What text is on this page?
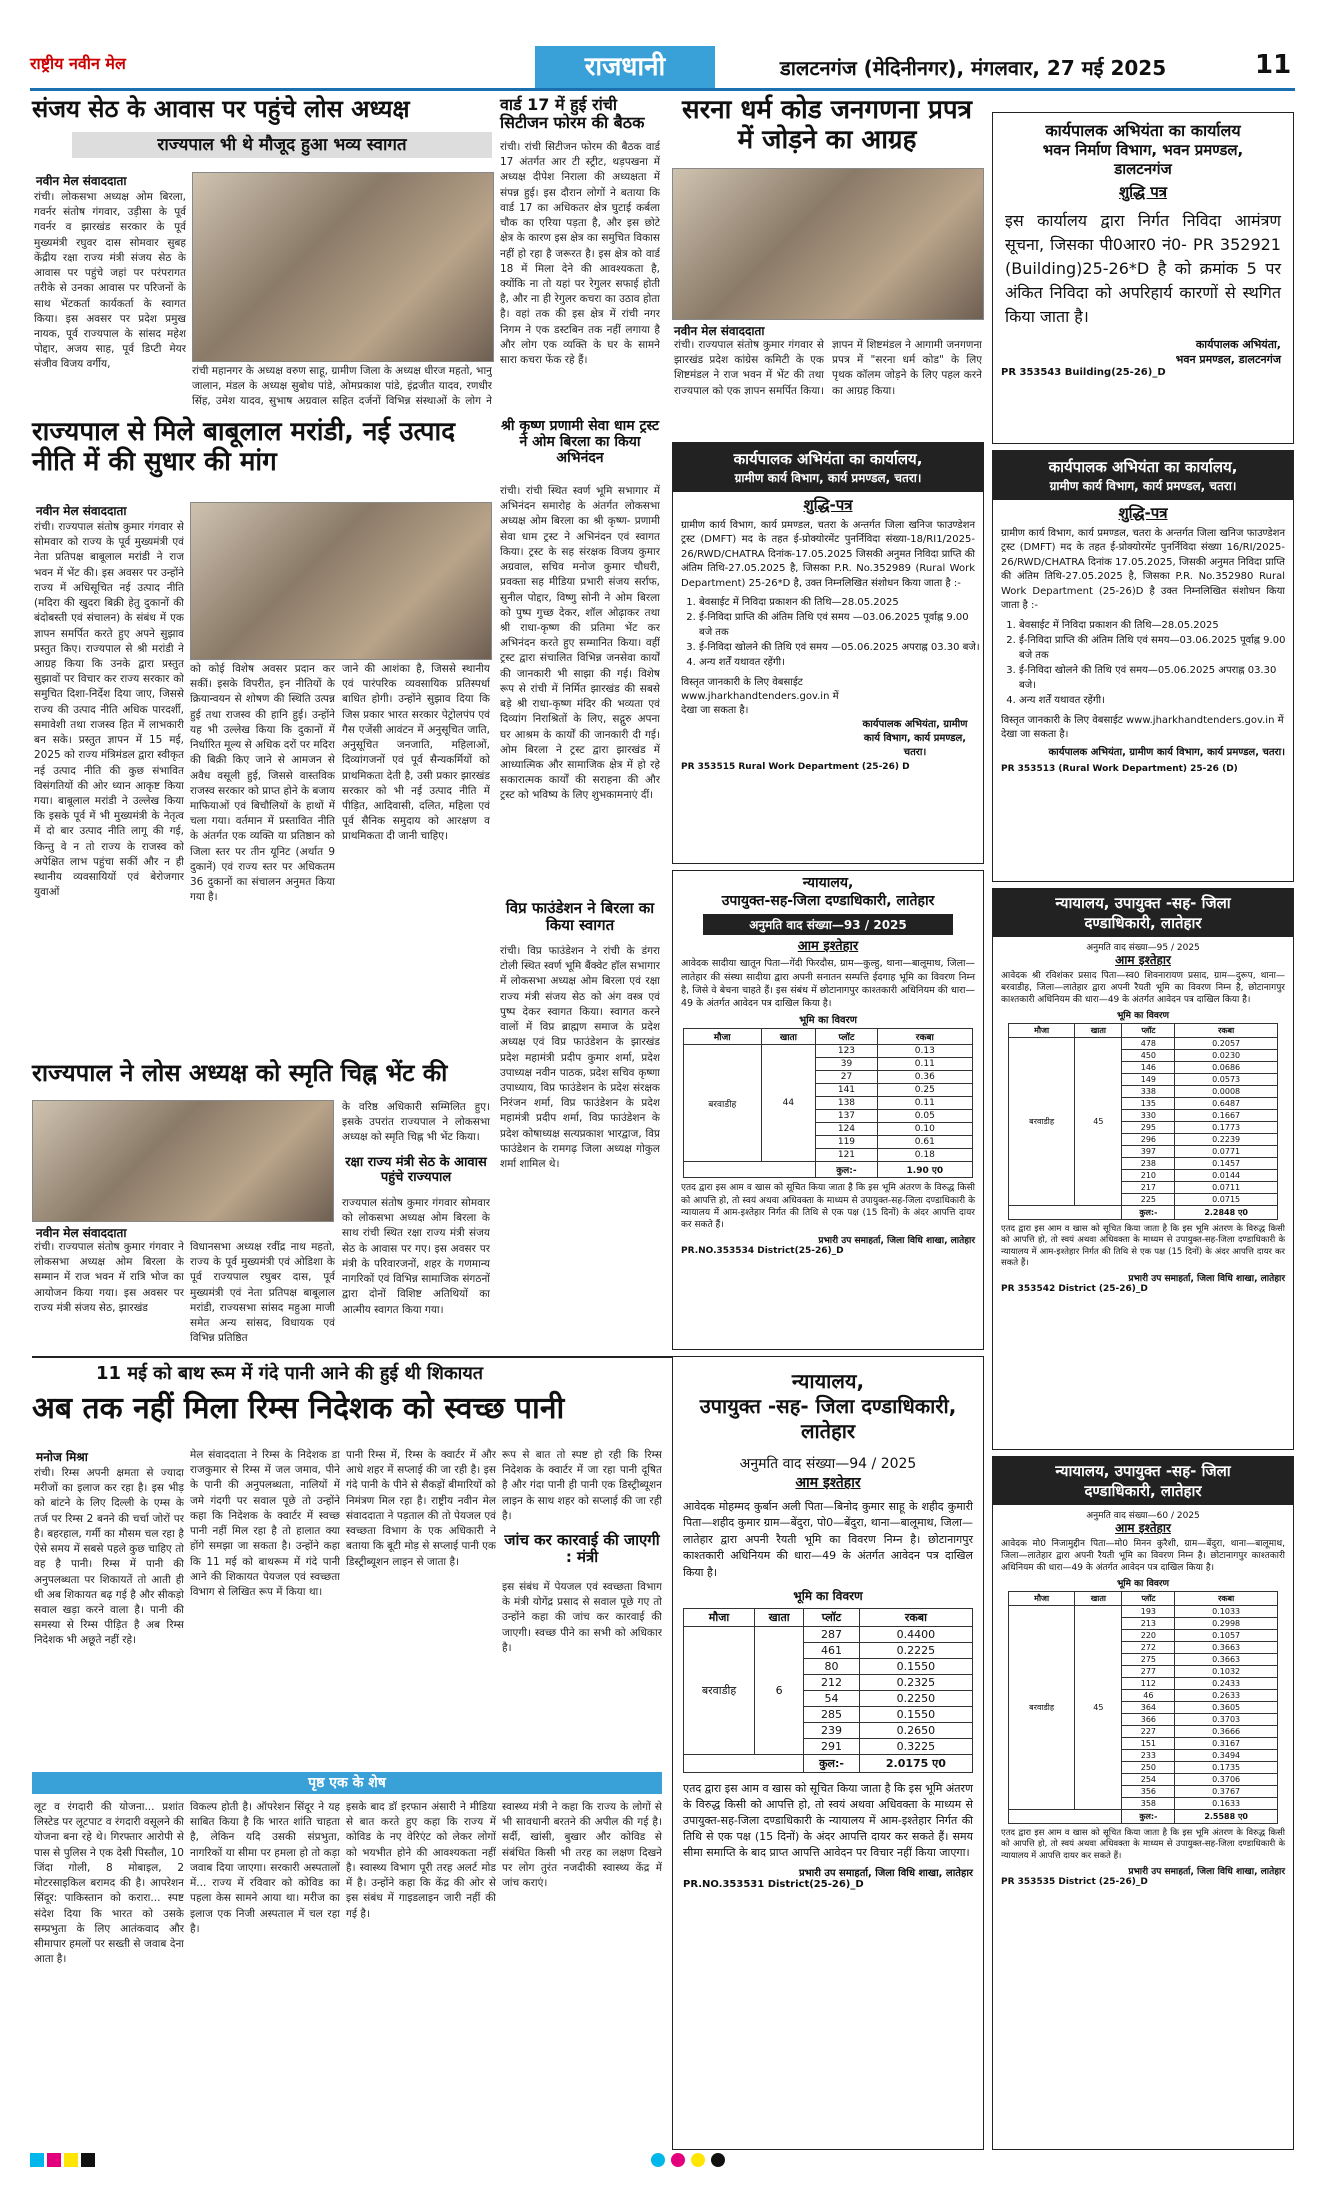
राष्ट्रीय नवीन मेल	राजधानी	डालटनगंज (मेदिनीनगर), मंगलवार, 27 मई 2025	11
संजय सेठ के आवास पर पहुंचे लोस अध्यक्ष
राज्यपाल भी थे मौजूद हुआ भव्य स्वागत
नवीन मेल संवाददाता
रांची। लोकसभा अध्यक्ष ओम बिरला, गवर्नर संतोष गंगवार, उड़ीसा के पूर्व गवर्नर व झारखंड सरकार के पूर्व मुख्यमंत्री रघुवर दास सोमवार सुबह केंद्रीय रक्षा राज्य मंत्री संजय सेठ के आवास पर पहुंचे जहां पर परंपरागत तरीके से उनका आवास पर परिजनों के साथ भेंटकर्ता कार्यकर्ता के स्वागत किया। इस अवसर पर प्रदेश प्रमुख नायक, पूर्व राज्यपाल के सांसद महेश पोद्दार, अजय साह, पूर्व डिप्टी मेयर संजीव विजय वर्गीय,
रांची महानगर के अध्यक्ष वरुण साहू, ग्रामीण जिला के अध्यक्ष धीरज महतो, भानु जालान, मंडल के अध्यक्ष सुबोध पांडे, ओमप्रकाश पांडे, इंद्रजीत यादव, रणधीर सिंह, उमेश यादव, सुभाष अग्रवाल सहित दर्जनों विभिन्न संस्थाओं के लोग ने
वार्ड 17 में हुई रांची सिटीजन फोरम की बैठक
रांची। रांची सिटीजन फोरम की बैठक वार्ड 17 अंतर्गत आर टी स्ट्रीट, थड़पखना में अध्यक्ष दीपेश निराला की अध्यक्षता में संपन्न हुई। इस दौरान लोगों ने बताया कि वार्ड 17 का अधिकतर क्षेत्र घुटाई कर्बला चौक का एरिया पड़ता है, और इस छोटे क्षेत्र के कारण इस क्षेत्र का समुचित विकास नहीं हो रहा है जरूरत है। इस क्षेत्र को वार्ड 18 में मिला देने की आवश्यकता है, क्योंकि ना तो यहां पर रेगुलर सफाई होती है, और ना ही रेगुलर कचरा का उठाव होता है। वहां तक की इस क्षेत्र में रांची नगर निगम ने एक डस्टबिन तक नहीं लगाया है और लोग एक व्यक्ति के घर के सामने सारा कचरा फेंक रहे हैं।
सरना धर्म कोड जनगणना प्रपत्र में जोड़ने का आग्रह
नवीन मेल संवाददाता
रांची। राज्यपाल संतोष कुमार गंगवार से झारखंड प्रदेश कांग्रेस कमिटी के एक शिष्टमंडल ने राज भवन में भेंट की तथा राज्यपाल को एक ज्ञापन समर्पित किया। ज्ञापन में शिष्टमंडल ने आगामी जनगणना प्रपत्र में "सरना धर्म कोड" के लिए पृथक कॉलम जोड़ने के लिए पहल करने का आग्रह किया।
कार्यपालक अभियंता का कार्यालय
भवन निर्माण विभाग, भवन प्रमण्डल,
डालटनगंज
शुद्धि पत्र
इस कार्यालय द्वारा निर्गत निविदा आमंत्रण सूचना, जिसका पी0आर0 नं0- PR 352921 (Building)25-26*D है को क्रमांक 5 पर अंकित निविदा को अपरिहार्य कारणों से स्थगित किया जाता है।
कार्यपालक अभियंता,
भवन प्रमण्डल, डालटनगंज
PR 353543 Building(25-26)_D
राज्यपाल से मिले बाबूलाल मरांडी, नई उत्पाद नीति में की सुधार की मांग
नवीन मेल संवाददाता
रांची। राज्यपाल संतोष कुमार गंगवार से सोमवार को राज्य के पूर्व मुख्यमंत्री एवं नेता प्रतिपक्ष बाबूलाल मरांडी ने राज भवन में भेंट की। इस अवसर पर उन्होंने राज्य में अधिसूचित नई उत्पाद नीति (मदिरा की खुदरा बिक्री हेतु दुकानों की बंदोबस्ती एवं संचालन) के संबंध में एक ज्ञापन समर्पित करते हुए अपने सुझाव प्रस्तुत किए। राज्यपाल से श्री मरांडी ने आग्रह किया कि उनके द्वारा प्रस्तुत सुझावों पर विचार कर राज्य सरकार को समुचित दिशा-निर्देश दिया जाए, जिससे राज्य की उत्पाद नीति अधिक पारदर्शी, समावेशी तथा राजस्व हित में लाभकारी बन सके। प्रस्तुत ज्ञापन में 15 मई, 2025 को राज्य मंत्रिमंडल द्वारा स्वीकृत नई उत्पाद नीति की कुछ संभावित विसंगतियों की ओर ध्यान आकृष्ट किया गया। बाबूलाल मरांडी ने उल्लेख किया कि इसके पूर्व में भी मुख्यमंत्री के नेतृत्व में दो बार उत्पाद नीति लागू की गई, किन्तु वे न तो राज्य के राजस्व को अपेक्षित लाभ पहुंचा सकीं और न ही स्थानीय व्यवसायियों एवं बेरोजगार युवाओं
को कोई विशेष अवसर प्रदान कर सकीं। इसके विपरीत, इन नीतियों के क्रियान्वयन से शोषण की स्थिति उत्पन्न हुई तथा राजस्व की हानि हुई। उन्होंने यह भी उल्लेख किया कि दुकानों में निर्धारित मूल्य से अधिक दरों पर मदिरा की बिक्री किए जाने से आमजन से अवैध वसूली हुई, जिससे वास्तविक राजस्व सरकार को प्राप्त होने के बजाय माफियाओं एवं बिचौलियों के हाथों में चला गया। वर्तमान में प्रस्तावित नीति के अंतर्गत एक व्यक्ति या प्रतिष्ठान को जिला स्तर पर तीन यूनिट (अर्थात 9 दुकानें) एवं राज्य स्तर पर अधिकतम 36 दुकानों का संचालन अनुमत किया गया है।
जाने की आशंका है, जिससे स्थानीय एवं पारंपरिक व्यवसायिक प्रतिस्पर्धा बाधित होगी। उन्होंने सुझाव दिया कि जिस प्रकार भारत सरकार पेट्रोलपंप एवं गैस एजेंसी आवंटन में अनुसूचित जाति, अनुसूचित जनजाति, महिलाओं, दिव्यांगजनों एवं पूर्व सैन्यकर्मियों को प्राथमिकता देती है, उसी प्रकार झारखंड सरकार को भी नई उत्पाद नीति में पीड़ित, आदिवासी, दलित, महिला एवं पूर्व सैनिक समुदाय को आरक्षण व प्राथमिकता दी जानी चाहिए।
श्री कृष्ण प्रणामी सेवा धाम ट्रस्ट ने ओम बिरला का किया अभिनंदन
रांची। रांची स्थित स्वर्ण भूमि सभागार में अभिनंदन समारोह के अंतर्गत लोकसभा अध्यक्ष ओम बिरला का श्री कृष्ण- प्रणामी सेवा धाम ट्रस्ट ने अभिनंदन एवं स्वागत किया। ट्रस्ट के सह संरक्षक विजय कुमार अग्रवाल, सचिव मनोज कुमार चौधरी, प्रवक्ता सह मीडिया प्रभारी संजय सर्राफ, सुनील पोद्दार, विष्णु सोनी ने ओम बिरला को पुष्प गुच्छ देकर, शॉल ओढ़ाकर तथा श्री राधा-कृष्ण की प्रतिमा भेंट कर अभिनंदन करते हुए सम्मानित किया। वहीं ट्रस्ट द्वारा संचालित विभिन्न जनसेवा कार्यों की जानकारी भी साझा की गई। विशेष रूप से रांची में निर्मित झारखंड की सबसे बड़े श्री राधा-कृष्ण मंदिर की भव्यता एवं दिव्यांग निराश्रितों के लिए, सद्गुरु अपना घर आश्रम के कार्यों की जानकारी दी गई। ओम बिरला ने ट्रस्ट द्वारा झारखंड में आध्यात्मिक और सामाजिक क्षेत्र में हो रहे सकारात्मक कार्यों की सराहना की और ट्रस्ट को भविष्य के लिए शुभकामनाएं दीं।
कार्यपालक अभियंता का कार्यालय,
ग्रामीण कार्य विभाग, कार्य प्रमण्डल, चतरा।
शुद्धि-पत्र
ग्रामीण कार्य विभाग, कार्य प्रमण्डल, चतरा के अन्तर्गत जिला खनिज फाउण्डेशन ट्रस्ट (DMFT) मद के तहत ई-प्रोक्योरमेंट पुनर्निविदा संख्या-18/RI1/2025-26/RWD/CHATRA दिनांक-17.05.2025 जिसकी अनुमत निविदा प्राप्ति की अंतिम तिथि-27.05.2025 है, जिसका P.R. No.352989 (Rural Work Department) 25-26*D है, उक्त निम्नलिखित संशोधन किया जाता है :-
1. बेवसाईट में निविदा प्रकाशन की तिथि—28.05.2025
2. ई-निविदा प्राप्ति की अंतिम तिथि एवं समय —03.06.2025 पूर्वाह्न 9.00 बजे तक
3. ई-निविदा खोलने की तिथि एवं समय —05.06.2025 अपराह्न 03.30 बजे।
4. अन्य शर्तें यथावत रहेंगी।
विस्तृत जानकारी के लिए वेबसाईट www.jharkhandtenders.gov.in में देखा जा सकता है।
कार्यपालक अभियंता, ग्रामीण कार्य विभाग, कार्य प्रमण्डल, चतरा।
PR 353515 Rural Work Department (25-26) D
कार्यपालक अभियंता का कार्यालय,
ग्रामीण कार्य विभाग, कार्य प्रमण्डल, चतरा।
शुद्धि-पत्र
ग्रामीण कार्य विभाग, कार्य प्रमण्डल, चतरा के अन्तर्गत जिला खनिज फाउण्डेशन ट्रस्ट (DMFT) मद के तहत ई-प्रोक्योरमेंट पुनर्निविदा संख्या 16/RI/2025-26/RWD/CHATRA दिनांक 17.05.2025, जिसकी अनुमत निविदा प्राप्ति की अंतिम तिथि-27.05.2025 है, जिसका P.R. No.352980 Rural Work Department (25-26)D है उक्त निम्नलिखित संशोधन किया जाता है :-
1. बेवसाईट में निविदा प्रकाशन की तिथि—28.05.2025
2. ई-निविदा प्राप्ति की अंतिम तिथि एवं समय—03.06.2025 पूर्वाह्न 9.00 बजे तक
3. ई-निविदा खोलने की तिथि एवं समय—05.06.2025 अपराह्न 03.30 बजे।
4. अन्य शर्तें यथावत रहेंगी।
विस्तृत जानकारी के लिए वेबसाईट www.jharkhandtenders.gov.in में देखा जा सकता है।
कार्यपालक अभियंता, ग्रामीण कार्य विभाग, कार्य प्रमण्डल, चतरा।
PR 353513 (Rural Work Department) 25-26 (D)
विप्र फाउंडेशन ने बिरला का किया स्वागत
रांची। विप्र फाउंडेशन ने रांची के डंगरा टोली स्थित स्वर्ण भूमि बैंक्वेट हॉल सभागार में लोकसभा अध्यक्ष ओम बिरला एवं रक्षा राज्य मंत्री संजय सेठ को अंग वस्त्र एवं पुष्प देकर स्वागत किया। स्वागत करने वालों में विप्र ब्राह्मण समाज के प्रदेश अध्यक्ष एवं विप्र फाउंडेशन के झारखंड प्रदेश महामंत्री प्रदीप कुमार शर्मा, प्रदेश उपाध्यक्ष नवीन पाठक, प्रदेश सचिव कृष्णा उपाध्याय, विप्र फाउंडेशन के प्रदेश संरक्षक निरंजन शर्मा, विप्र फाउंडेशन के प्रदेश महामंत्री प्रदीप शर्मा, विप्र फाउंडेशन के प्रदेश कोषाध्यक्ष सत्यप्रकाश भारद्वाज, विप्र फाउंडेशन के रामगढ़ जिला अध्यक्ष गोकुल शर्मा शामिल थे।
राज्यपाल ने लोस अध्यक्ष को स्मृति चिह्न भेंट की
नवीन मेल संवाददाता
रांची। राज्यपाल संतोष कुमार गंगवार ने लोकसभा अध्यक्ष ओम बिरला के सम्मान में राज भवन में रात्रि भोज का आयोजन किया गया। इस अवसर पर राज्य मंत्री संजय सेठ, झारखंड
विधानसभा अध्यक्ष रवींद्र नाथ महतो, राज्य के पूर्व मुख्यमंत्री एवं ओडिशा के पूर्व राज्यपाल रघुबर दास, पूर्व मुख्यमंत्री एवं नेता प्रतिपक्ष बाबूलाल मरांडी, राज्यसभा सांसद महुआ माजी समेत अन्य सांसद, विधायक एवं विभिन्न प्रतिष्ठित
के वरिष्ठ अधिकारी सम्मिलित हुए। इसके उपरांत राज्यपाल ने लोकसभा अध्यक्ष को स्मृति चिह्न भी भेंट किया।
रक्षा राज्य मंत्री सेठ के आवास पहुंचे राज्यपाल
राज्यपाल संतोष कुमार गंगवार सोमवार को लोकसभा अध्यक्ष ओम बिरला के साथ रांची स्थित रक्षा राज्य मंत्री संजय सेठ के आवास पर गए। इस अवसर पर मंत्री के परिवारजनों, शहर के गणमान्य नागरिकों एवं विभिन्न सामाजिक संगठनों द्वारा दोनों विशिष्ट अतिथियों का आत्मीय स्वागत किया गया।
न्यायालय,
उपायुक्त-सह-जिला दण्डाधिकारी, लातेहार
अनुमति वाद संख्या—93 / 2025
आम इश्तेहार
आवेदक सादीया खातून पिता—गेंदी फिरदौस, ग्राम—कुल्हु, थाना—बालूमाथ, जिला—लातेहार की संस्था सादीया द्वारा अपनी सनातन सम्पत्ति ईदगाह भूमि का विवरण निम्न है, जिसे वे बेचना चाहते हैं। इस संबंध में छोटानागपुर काश्तकारी अधिनियम की धारा—49 के अंतर्गत आवेदन पत्र दाखिल किया है।
भूमि का विवरण
मौजा	खाता	प्लॉट	रकबा
बरवाडीह	44	123	0.13
		39	0.11
		27	0.36
		141	0.25
		138	0.11
		137	0.05
		124	0.10
		119	0.61
		121	0.18
		कुल:-	1.90 ए0
एतद द्वारा इस आम व खास को सूचित किया जाता है कि इस भूमि अंतरण के विरुद्ध किसी को आपत्ति हो, तो स्वयं अथवा अधिवक्ता के माध्यम से उपायुक्त-सह-जिला दण्डाधिकारी के न्यायालय में आम-इश्तेहार निर्गत की तिथि से एक पक्ष (15 दिनों) के अंदर आपत्ति दायर कर सकते हैं।
प्रभारी उप समाहर्ता, जिला विधि शाखा, लातेहार
PR.NO.353534 District(25-26)_D
न्यायालय, उपायुक्त -सह- जिला
दण्डाधिकारी, लातेहार
अनुमति वाद संख्या—95 / 2025
आम इश्तेहार
आवेदक श्री रविशंकर प्रसाद पिता—स्व0 शिवनारायण प्रसाद, ग्राम—दुरूप, थाना—बरवाडीह, जिला—लातेहार द्वारा अपनी रैयती भूमि का विवरण निम्न है, छोटानागपुर काश्तकारी अधिनियम की धारा—49 के अंतर्गत आवेदन पत्र दाखिल किया है।
भूमि का विवरण
मौजा	खाता	प्लॉट	रकबा
बरवाडीह	45	478	0.2057
		450	0.0230
		146	0.0686
		149	0.0573
		338	0.0008
		135	0.6487
		330	0.1667
		295	0.1773
		296	0.2239
		397	0.0771
		238	0.1457
		210	0.0144
		217	0.0711
		225	0.0715
		कुल:-	2.2848 ए0
एतद द्वारा इस आम व खास को सूचित किया जाता है कि इस भूमि अंतरण के विरुद्ध किसी को आपत्ति हो, तो स्वयं अथवा अधिवक्ता के माध्यम से उपायुक्त-सह-जिला दण्डाधिकारी के न्यायालय में आम-इश्तेहार निर्गत की तिथि से एक पक्ष (15 दिनों) के अंदर आपत्ति दायर कर सकते हैं।
प्रभारी उप समाहर्ता, जिला विधि शाखा, लातेहार
PR 353542 District (25-26)_D
11 मई को बाथ रूम में गंदे पानी आने की हुई थी शिकायत
अब तक नहीं मिला रिम्स निदेशक को स्वच्छ पानी
मनोज मिश्रा
रांची। रिम्स अपनी क्षमता से ज्यादा मरीजों का इलाज कर रहा है। इस भीड़ को बांटने के लिए दिल्ली के एम्स के तर्ज पर रिम्स 2 बनने की चर्चा जोरों पर है। बहरहाल, गर्मी का मौसम चल रहा है ऐसे समय में सबसे पहले कुछ चाहिए तो वह है पानी। रिम्स में पानी की अनुपलब्धता पर शिकायतें तो आती ही थी अब शिकायत बढ़ गई है और सीकड़ो सवाल खड़ा करने वाला है। पानी की समस्या से रिम्स पीड़ित है अब रिम्स निदेशक भी अछूते नहीं रहे।
मेल संवाददाता ने रिम्स के निदेशक डा राजकुमार से रिम्स में जल जमाव, पीने के पानी की अनुपलब्धता, नालियों में जमे गंदगी पर सवाल पूछे तो उन्होंने कहा कि निदेशक के क्वार्टर में स्वच्छ पानी नहीं मिल रहा है तो हालात क्या होंगे समझा जा सकता है। उन्होंने कहा कि 11 मई को बाथरूम में गंदे पानी आने की शिकायत पेयजल एवं स्वच्छता विभाग से लिखित रूप में किया था।
पानी रिम्स में, रिम्स के क्वार्टर में और आधे शहर में सप्लाई की जा रही है। इस गंदे पानी के पीने से सैकड़ों बीमारियों को निमंत्रण मिल रहा है। राष्ट्रीय नवीन मेल संवाददाता ने पड़ताल की तो पेयजल एवं स्वच्छता विभाग के एक अधिकारी ने बताया कि बूटी मोड़ से सप्लाई पानी एक डिस्ट्रीब्यूशन लाइन से जाता है।
रूप से बात तो स्पष्ट हो रही कि रिम्स निदेशक के क्वार्टर में जा रहा पानी दूषित है और गंदा पानी ही पानी एक डिस्ट्रीब्यूशन लाइन के साथ शहर को सप्लाई की जा रही है।
जांच कर कारवाई की जाएगी : मंत्री
इस संबंध में पेयजल एवं स्वच्छता विभाग के मंत्री योगेंद्र प्रसाद से सवाल पूछे गए तो उन्होंने कहा की जांच कर कारवाई की जाएगी। स्वच्छ पीने का सभी को अधिकार है।
पृष्ठ एक के शेष
लूट व रंगदारी की योजना... प्रशांत लिस्टेड पर लूटपाट व रंगदारी वसूलने की योजना बना रहे थे। गिरफ्तार आरोपी से पास से पुलिस ने एक देसी पिस्तौल, 10 जिंदा गोली, 8 मोबाइल, 2 मोटरसाइकिल बरामद की है। आपरेशन सिंदूर: पाकिस्तान को करारा... स्पष्ट संदेश दिया कि भारत को उसके सम्प्रभुता के लिए आतंकवाद और सीमापार हमलों पर सख्ती से जवाब देना आता है।
विकल्प होती है। ऑपरेशन सिंदूर ने यह साबित किया है कि भारत शांति चाहता है, लेकिन यदि उसकी संप्रभुता, नागरिकों या सीमा पर हमला हो तो कड़ा जवाब दिया जाएगा। सरकारी अस्पतालों में... राज्य में रविवार को कोविड का पहला केस सामने आया था। मरीज का इलाज एक निजी अस्पताल में चल रहा है।
इसके बाद डॉ इरफान अंसारी ने मीडिया से बात करते हुए कहा कि राज्य में कोविड के नए वेरिएंट को लेकर लोगों को भयभीत होने की आवश्यकता नहीं है। स्वास्थ्य विभाग पूरी तरह अलर्ट मोड में है। उन्होंने कहा कि केंद्र की ओर से इस संबंध में गाइडलाइन जारी नहीं की गई है।
स्वास्थ्य मंत्री ने कहा कि राज्य के लोगों से भी सावधानी बरतने की अपील की गई है। सर्दी, खांसी, बुखार और कोविड से संबंधित किसी भी तरह का लक्षण दिखने पर लोग तुरंत नजदीकी स्वास्थ्य केंद्र में जांच कराएं।
न्यायालय,
उपायुक्त -सह- जिला दण्डाधिकारी,
लातेहार
अनुमति वाद संख्या—94 / 2025
आम इश्तेहार
आवेदक मोहम्मद कुर्बान अली पिता—बिनोद कुमार साहू के शहीद कुमारी पिता—शहीद कुमार ग्राम—बेंदुरा, पो0—बेंदुरा, थाना—बालूमाथ, जिला—लातेहार द्वारा अपनी रैयती भूमि का विवरण निम्न है। छोटानागपुर काश्तकारी अधिनियम की धारा—49 के अंतर्गत आवेदन पत्र दाखिल किया है।
भूमि का विवरण
मौजा	खाता	प्लॉट	रकबा
बरवाडीह	6	287	0.4400
		461	0.2225
		80	0.1550
		212	0.2325
		54	0.2250
		285	0.1550
		239	0.2650
		291	0.3225
		कुल:-	2.0175 ए0
एतद द्वारा इस आम व खास को सूचित किया जाता है कि इस भूमि अंतरण के विरुद्ध किसी को आपत्ति हो, तो स्वयं अथवा अधिवक्ता के माध्यम से उपायुक्त-सह-जिला दण्डाधिकारी के न्यायालय में आम-इश्तेहार निर्गत की तिथि से एक पक्ष (15 दिनों) के अंदर आपत्ति दायर कर सकते हैं। समय सीमा समाप्ति के बाद प्राप्त आपत्ति आवेदन पर विचार नहीं किया जाएगा।
प्रभारी उप समाहर्ता, जिला विधि शाखा, लातेहार
PR.NO.353531 District(25-26)_D
न्यायालय, उपायुक्त -सह- जिला
दण्डाधिकारी, लातेहार
अनुमति वाद संख्या—60 / 2025
आम इश्तेहार
आवेदक मो0 निजामुद्दीन पिता—मो0 मिनन कुरैशी, ग्राम—बेंदुरा, थाना—बालूमाथ, जिला—लातेहार द्वारा अपनी रैयती भूमि का विवरण निम्न है। छोटानागपुर काश्तकारी अधिनियम की धारा—49 के अंतर्गत आवेदन पत्र दाखिल किया है।
भूमि का विवरण
मौजा	खाता	प्लॉट	रकबा
बरवाडीह	45	193	0.1033
		213	0.2998
		220	0.1057
		272	0.3663
		275	0.3663
		277	0.1032
		112	0.2433
		46	0.2633
		364	0.3605
		366	0.3703
		227	0.3666
		151	0.3167
		233	0.3494
		250	0.1735
		254	0.3706
		356	0.3767
		358	0.1633
		कुल:-	2.5588 ए0
एतद द्वारा इस आम व खास को सूचित किया जाता है कि इस भूमि अंतरण के विरुद्ध किसी को आपत्ति हो, तो स्वयं अथवा अधिवक्ता के माध्यम से उपायुक्त-सह-जिला दण्डाधिकारी के न्यायालय में आपत्ति दायर कर सकते हैं।
प्रभारी उप समाहर्ता, जिला विधि शाखा, लातेहार
PR 353535 District (25-26)_D
